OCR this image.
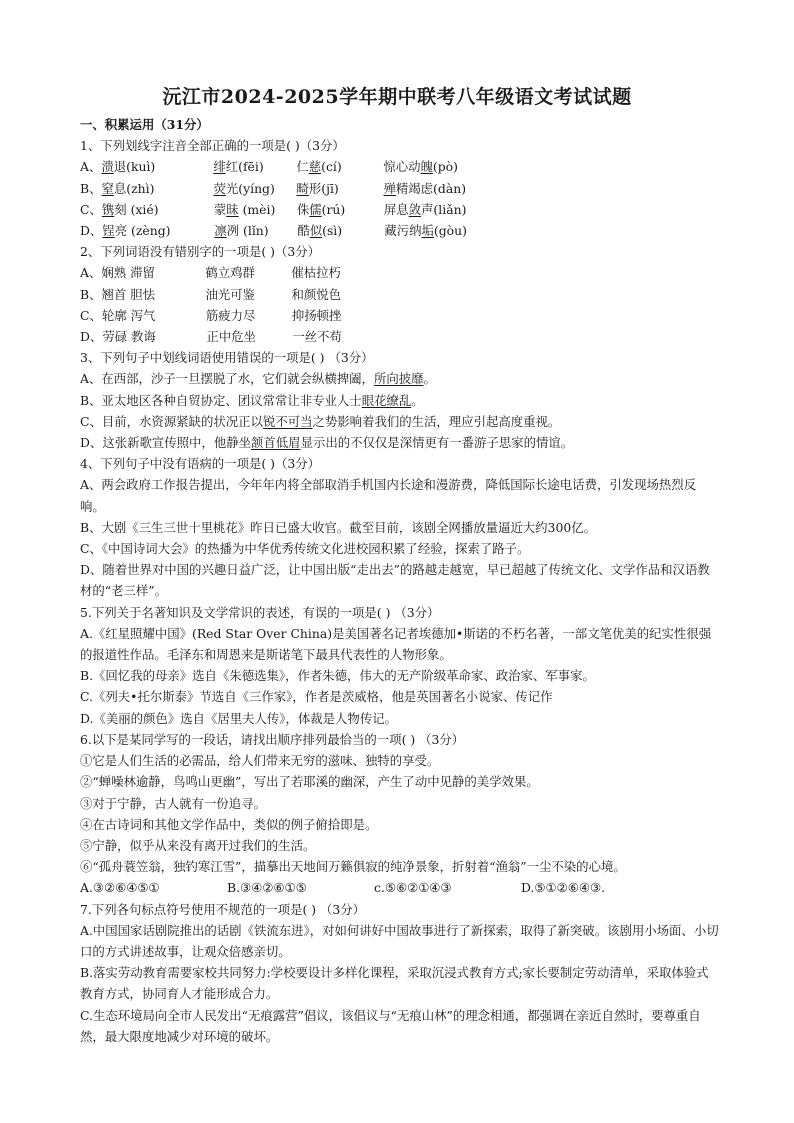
沅江市2024-2025学年期中联考八年级语文考试试题

一、积累运用（31分）

1、下列划线字注音全部正确的一项是( )（3分）

A、溃退(kuì)	绯红(fēi)	仁慈(cí)	惊心动魄(pò)
B、窒息(zhì)	荧光(yíng) 畸形(jī)	殚精竭虑(dàn)
C、镌刻 (xié)	蒙昧 (mèi) 侏儒(rú)	屏息敛声(liǎn)
D、锃亮 (zèng)	凛冽 (lǐn) 酷似(sì)	藏污纳垢(gòu)

2、下列词语没有错别字的一项是( )（3分）

A、娴熟 滞留	鹤立鸡群	催枯拉朽
B、翘首 胆怯	油光可鉴	和颜悦色
C、轮廓 泻气	筋疲力尽	抑扬顿挫
D、劳碌 教诲	正中危坐	一丝不苟

3、下列句子中划线词语使用错误的一项是( ) （3分）

A、在西部，沙子一旦摆脱了水，它们就会纵横捭阖，所向披靡。

B、亚太地区各种自贸协定、团议常常让非专业人士眼花缭乱。

C、目前，水资源紧缺的状况正以锐不可当之势影响着我们的生活，理应引起高度重视。

D、这张新歌宣传照中，他静坐颔首低眉显示出的不仅仅是深情更有一番游子思家的情谊。

4、下列句子中没有语病的一项是( )（3分）

A、两会政府工作报告提出，今年年内将全部取消手机国内长途和漫游费，降低国际长途电话费，引发现场热烈反响。

B、大剧《三生三世十里桃花》昨日已盛大收官。截至目前，该剧全网播放量逼近大约300亿。

C、《中国诗词大会》的热播为中华优秀传统文化进校园积累了经验，探索了路子。

D、随着世界对中国的兴趣日益广泛，让中国出版“走出去”的路越走越宽，早已超越了传统文化、文学作品和汉语教材的“老三样”。

5.下列关于名著知识及文学常识的表述，有误的一项是( ) （3分）

A.《红星照耀中国》(Red Star Over China)是美国著名记者埃德加•斯诺的不朽名著，一部文笔优美的纪实性很强的报道性作品。毛泽东和周恩来是斯诺笔下最具代表性的人物形象。

B.《回忆我的母亲》选自《朱德选集》，作者朱德，伟大的无产阶级革命家、政治家、军事家。

C.《列夫•托尔斯泰》节选自《三作家》，作者是茨威格，他是英国著名小说家、传记作

D.《美丽的颜色》选自《居里夫人传》，体裁是人物传记。

6.以下是某同学写的一段话，请找出顺序排列最恰当的一项( ) （3分）

①它是人们生活的必需品，给人们带来无穷的滋味、独特的享受。

②“蝉噪林逾静，鸟鸣山更幽”，写出了若耶溪的幽深，产生了动中见静的美学效果。

③对于宁静，古人就有一份追寻。

④在古诗词和其他文学作品中，类似的例子俯拾即是。

⑤宁静，似乎从来没有离开过我们的生活。

⑥“孤舟蓑笠翁，独钓寒江雪”，描摹出天地间万籁俱寂的纯净景象，折射着“渔翁”一尘不染的心境。

A.③②⑥④⑤①	B.③④②⑥①⑤	c.⑤⑥②①④③	D.⑤①②⑥④③.

7.下列各句标点符号使用不规范的一项是( ) （3分）

A.中国国家话剧院推出的话剧《铁流东进》，对如何讲好中国故事进行了新探索，取得了新突破。该剧用小场面、小切口的方式讲述故事，让观众倍感亲切。

B.落实劳动教育需要家校共同努力:学校要设计多样化课程，采取沉浸式教育方式;家长要制定劳动清单，采取体验式教育方式，协同育人才能形成合力。

C.生态环境局向全市人民发出“无痕露营”倡议，该倡议与“无痕山林”的理念相通，都强调在亲近自然时，要尊重自然，最大限度地减少对环境的破坏。
